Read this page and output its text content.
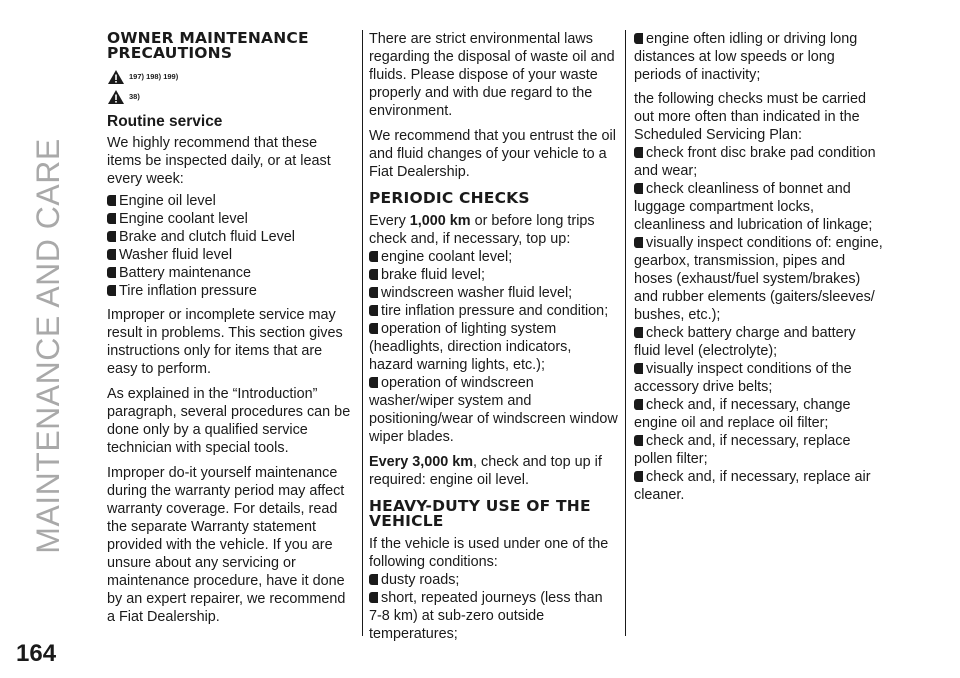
MAINTENANCE AND CARE
164
OWNER MAINTENANCE PRECAUTIONS
197) 198) 199)
38)
Routine service

We highly recommend that these items be inspected daily, or at least every week:

Engine oil level
Engine coolant level
Brake and clutch fluid Level
Washer fluid level
Battery maintenance
Tire inflation pressure

Improper or incomplete service may result in problems. This section gives instructions only for items that are easy to perform.

As explained in the “Introduction” paragraph, several procedures can be done only by a qualified service technician with special tools.

Improper do-it yourself maintenance during the warranty period may affect warranty coverage. For details, read the separate Warranty statement provided with the vehicle. If you are unsure about any servicing or maintenance procedure, have it done by an expert repairer, we recommend a Fiat Dealership.

There are strict environmental laws regarding the disposal of waste oil and fluids. Please dispose of your waste properly and with due regard to the environment.

We recommend that you entrust the oil and fluid changes of your vehicle to a Fiat Dealership.

PERIODIC CHECKS

Every 1,000 km or before long trips check and, if necessary, top up:

engine coolant level;
brake fluid level;
windscreen washer fluid level;
tire inflation pressure and condition;
operation of lighting system (headlights, direction indicators, hazard warning lights, etc.);
operation of windscreen washer/wiper system and positioning/wear of windscreen window wiper blades.

Every 3,000 km, check and top up if required: engine oil level.

HEAVY-DUTY USE OF THE VEHICLE

If the vehicle is used under one of the following conditions:

dusty roads;
short, repeated journeys (less than 7-8 km) at sub-zero outside temperatures;
engine often idling or driving long distances at low speeds or long periods of inactivity;

the following checks must be carried out more often than indicated in the Scheduled Servicing Plan:

check front disc brake pad condition and wear;
check cleanliness of bonnet and luggage compartment locks, cleanliness and lubrication of linkage;
visually inspect conditions of: engine, gearbox, transmission, pipes and hoses (exhaust/fuel system/brakes) and rubber elements (gaiters/sleeves/ bushes, etc.);
check battery charge and battery fluid level (electrolyte);
visually inspect conditions of the accessory drive belts;
check and, if necessary, change engine oil and replace oil filter;
check and, if necessary, replace pollen filter;
check and, if necessary, replace air cleaner.
